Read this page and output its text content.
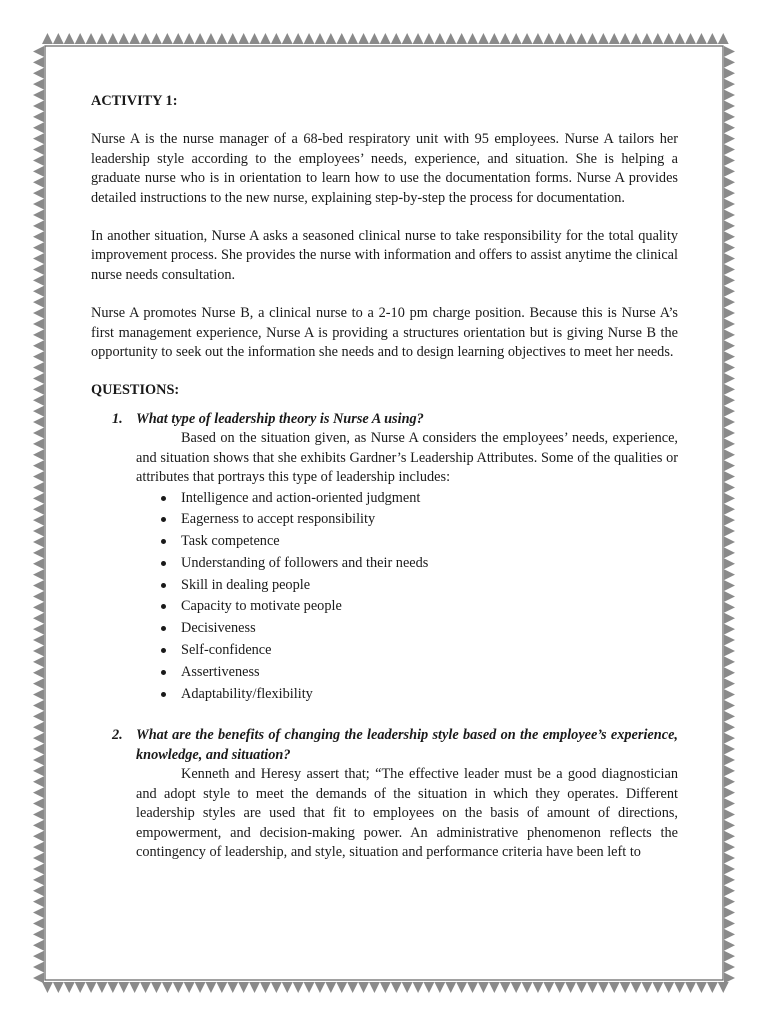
ACTIVITY 1:

Nurse A is the nurse manager of a 68-bed respiratory unit with 95 employees. Nurse A tailors her leadership style according to the employees’ needs, experience, and situation. She is helping a graduate nurse who is in orientation to learn how to use the documentation forms. Nurse A provides detailed instructions to the new nurse, explaining step-by-step the process for documentation.

In another situation, Nurse A asks a seasoned clinical nurse to take responsibility for the total quality improvement process. She provides the nurse with information and offers to assist anytime the clinical nurse needs consultation.

Nurse A promotes Nurse B, a clinical nurse to a 2-10 pm charge position. Because this is Nurse A’s first management experience, Nurse A is providing a structures orientation but is giving Nurse B the opportunity to seek out the information she needs and to design learning objectives to meet her needs.

QUESTIONS:

1. What type of leadership theory is Nurse A using?

Based on the situation given, as Nurse A considers the employees’ needs, experience, and situation shows that she exhibits Gardner’s Leadership Attributes. Some of the qualities or attributes that portrays this type of leadership includes:

Intelligence and action-oriented judgment
Eagerness to accept responsibility
Task competence
Understanding of followers and their needs
Skill in dealing people
Capacity to motivate people
Decisiveness
Self-confidence
Assertiveness
Adaptability/flexibility
2. What are the benefits of changing the leadership style based on the employee’s experience, knowledge, and situation?

Kenneth and Heresy assert that; “The effective leader must be a good diagnostician and adopt style to meet the demands of the situation in which they operates. Different leadership styles are used that fit to employees on the basis of amount of directions, empowerment, and decision-making power. An administrative phenomenon reflects the contingency of leadership, and style, situation and performance criteria have been left to
